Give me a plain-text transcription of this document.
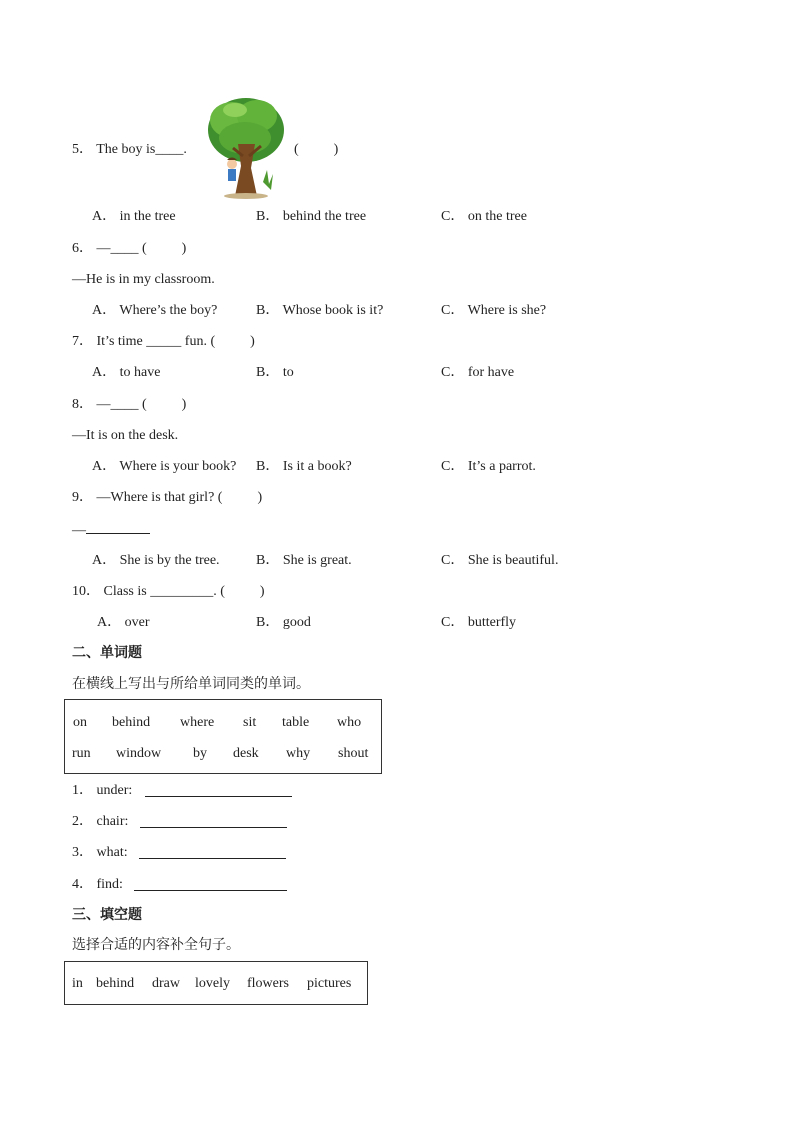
5． The boy is____.	(          )
A． in the tree	B． behind the tree	C． on the tree
6． —____ (          )
—He is in my classroom.
A． Where’s the boy?	B． Whose book is it?	C． Where is she?
7． It’s time _____ fun. (          )
A． to have	B． to	C． for have
8． —____ (          )
—It is on the desk.
A． Where is your book? B． Is it a book?	C． It’s a parrot.
9． —Where is that girl? (          )
—
A． She is by the tree.	B． She is great.	C． She is beautiful.
10． Class is _________. (          )
A． over	B． good	C． butterfly
二、单词题
在横线上写出与所给单词同类的单词。
on behind where sit table who
run window by desk why shout
1． under:
2． chair:
3． what:
4． find:
三、填空题
选择合适的内容补全句子。
in behind draw lovely flowers pictures
